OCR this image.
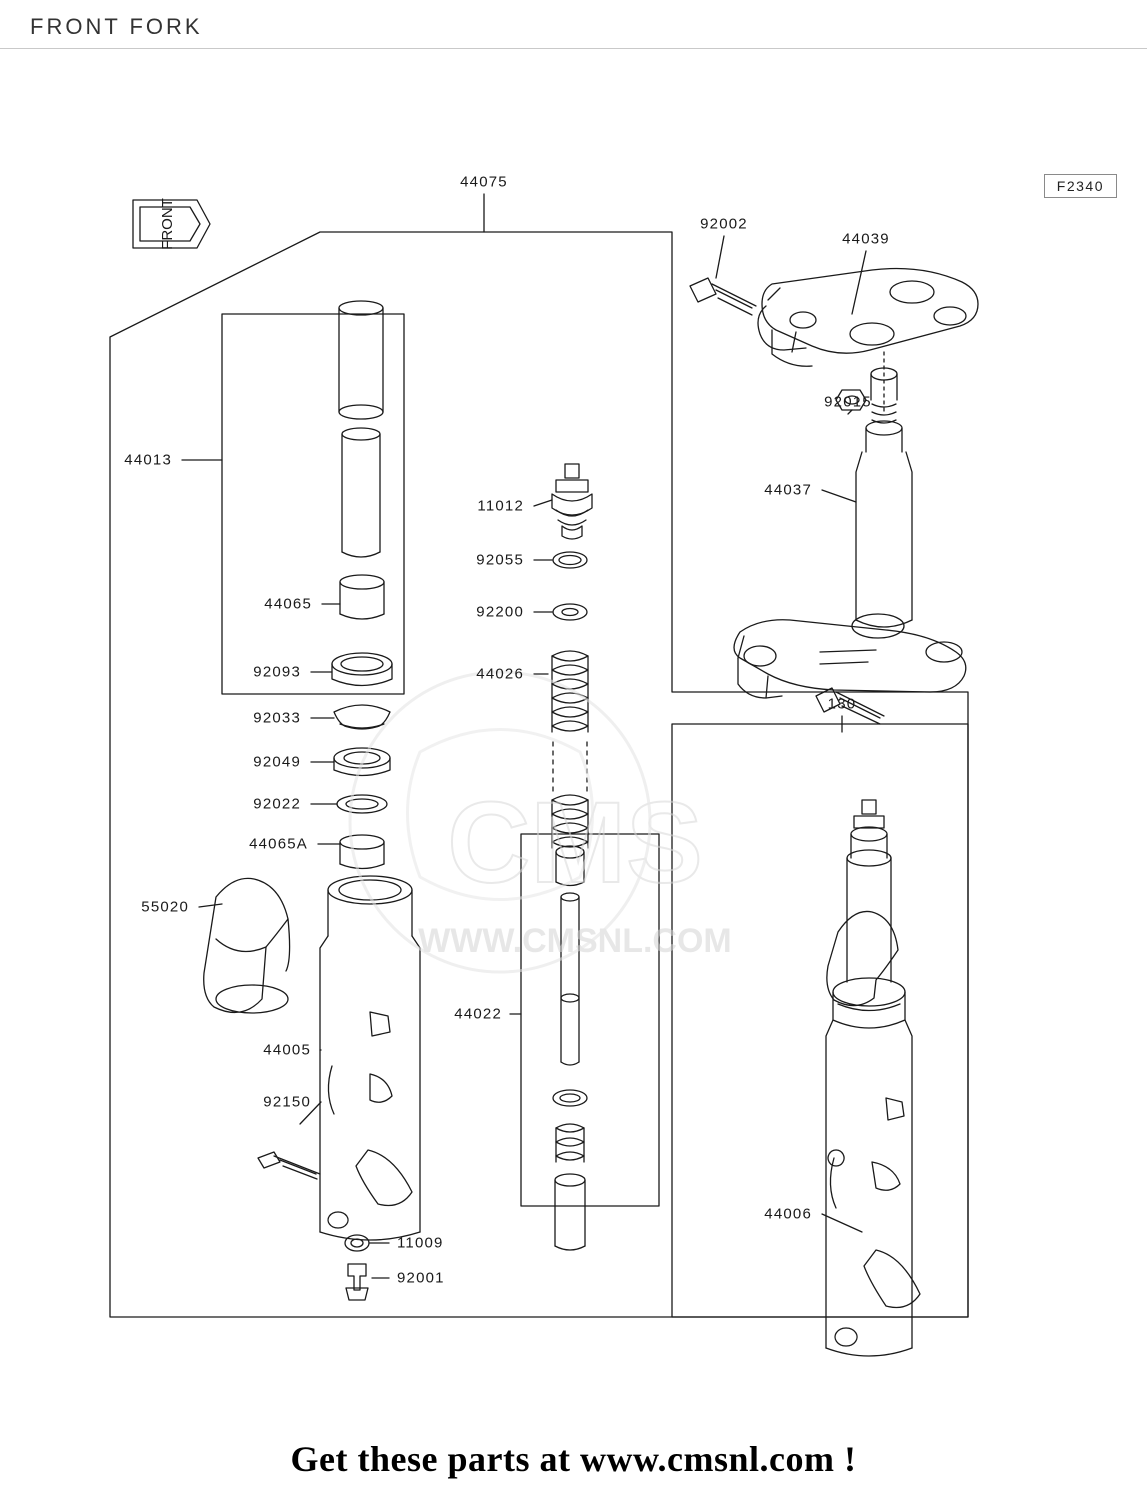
FRONT FORK
F2340
CMS
WWW.CMSNL.COM
FRONT
44075
92002
44039
92015
44037
130
44013
11012
92055
92200
44065
44026
92093
92033
92049
92022
44065A
55020
44022
44005
92150
44006
11009
92001
Get these parts at www.cmsnl.com !
